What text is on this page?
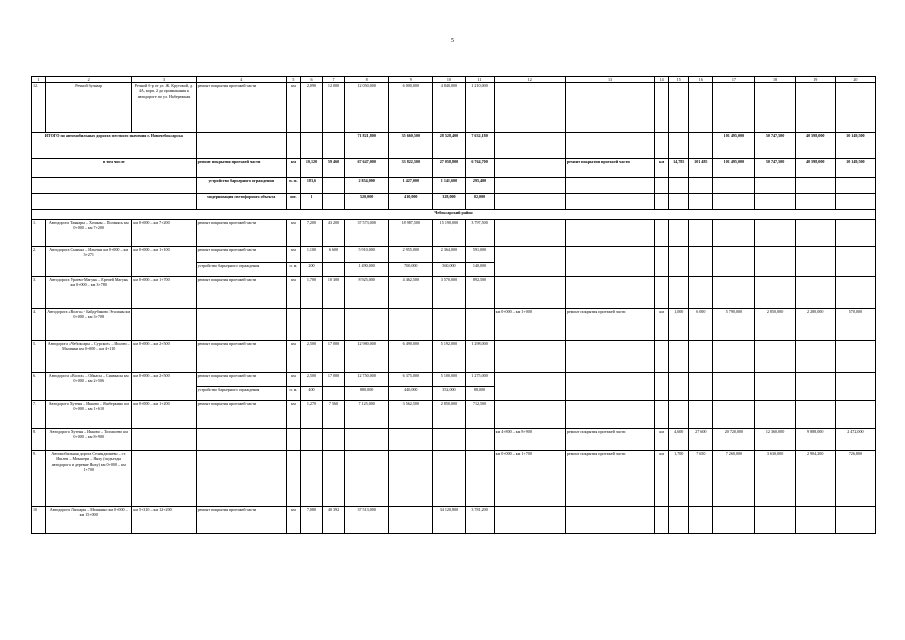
5
1	2	3	4	5	6	7	8	9	10	11	12	13	14	15	16	17	18	19	20
12.	Речной бульвар	Речной б-р от ул. Ж. Крутовой, д. 4А, корп. 2 до примыкания к автодороге по ул. Набережная	ремонт покрытия проезжей части	км	2,090	12 000	12 050,000	6 000,000	4 840,000	1 210,000									
ИТОГО по автомобильных дорогах местного значения г. Новочебоксарска							71 821,800	35 660,500	28 528,400	7 632,180						101 495,000	50 747,500	40 598,000	10 149,500
в том числе			ремонт покрытия проезжей части	км	10,120	59 460	67 647,000	33 822,500	27 058,800	6 764,700		ремонт покрытия проезжей части	км	14,785	101 485	101 495,000	50 747,500	40 598,000	10 149,500
			устройство барьерного ограждения	п. м.	183,6		2 854,000	1 427,000	1 141,600	295,400									
			модернизация светофорного объекта	шт.	1		520,000	410,000	328,000	82,000									
Чебоксарский район																			
1.	Автодорога Таянары – Хочаны – Ползнясь км 0+000 – км 7+200	км 0+000 – км 7+200	ремонт покрытия проезжей части	км	7,200	43 200	37 573,000	18 987,500	15 190,000	3 797,500									
2.	Автодорога Сынъял – Ильеши км 0+000 – км 3+271	км 0+000 – км 1+100	ремонт покрытия проезжей части	км	1,100	6 600	5 910,000	2 955,000	2 364,000	591,000									
			устройство барьерного ограждения	п. м.	200		1 490,000	700,000	560,000	140,000									
3.	Автодорога Ураево-Магунь – Ерепей Магунь км 0+000 – км 3+780	км 0+000 – км 1+700	ремонт покрытия проезжей части	км	1,700	10 300	8 925,000	4 462,500	3 570,000	892,500									
4.	Автодорога «Волга» - Байдубаково Эталаны км 0+000 – км 3+708										км 0+000 – км 1+000	ремонт покрытия проезжей части	км	1,000	6 000	5 790,000	2 850,000	2 280,000	570,000
5.	Автодорога «Чебоксары – Сурское» – Ишлеи – Малинки км 0+000 – км 4+110	км 0+000 – км 2+500	ремонт покрытия проезжей части	км	2,500	17 000	12 980,000	6 490,000	5 192,000	1 298,000									
6.	Автодорога «Волга» – Ойкасы – Сиявкасы км 0+000 – км 2+506	км 0+000 – км 2+500	ремонт покрытия проезжей части	км	2,500	17 000	12 750,000	6 375,000	5 100,000	1 275,000									
			устройство барьерного ограждения	п. м.	400		880,000	440,000	352,000	88,000									
7.	Автодорога Хутеня – Икково – Яшберкино км 0+000 – км 1+610	км 0+000 – км 1+200	ремонт покрытия проезжей части	км	1,270	7 560	7 125,000	3 562,500	2 850,000	712,500									
8.	Автодорога Хутеня – Икково – Толмасево км 0+000 – км 8+900										км 4+800 – км 8+900	ремонт покрытия проезжей части	км	4,600	27 600	20 720,000	12 360,000	9 888,000	2 472,000
9.	Автомобильная дорога Селиндкинево – ст. Ишлеи – Мокшери – Янху (подъезды автодорога и деревне Янху) км 0+000 – км 1+700										км 0+000 – км 1+700	ремонт покрытия проезжей части	км	1,700	7 650	7 260,000	3 630,000	2 904,200	726,800
10	Автодорога Лапсары – Мошкино км 0+000 – км 15+000	км 5+310 – км 12+200	ремонт покрытия проезжей части	км	7,080	40 392	37 513,000		34 120,800	3 781,200									
